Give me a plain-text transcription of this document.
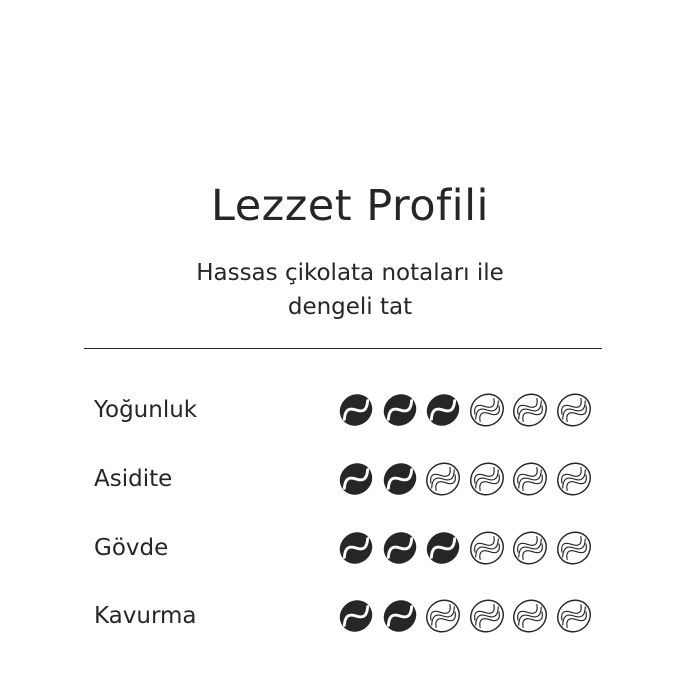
Lezzet Profili
Hassas çikolata notaları ile
dengeli tat
Yoğunluk
Asidite
Gövde
Kavurma
